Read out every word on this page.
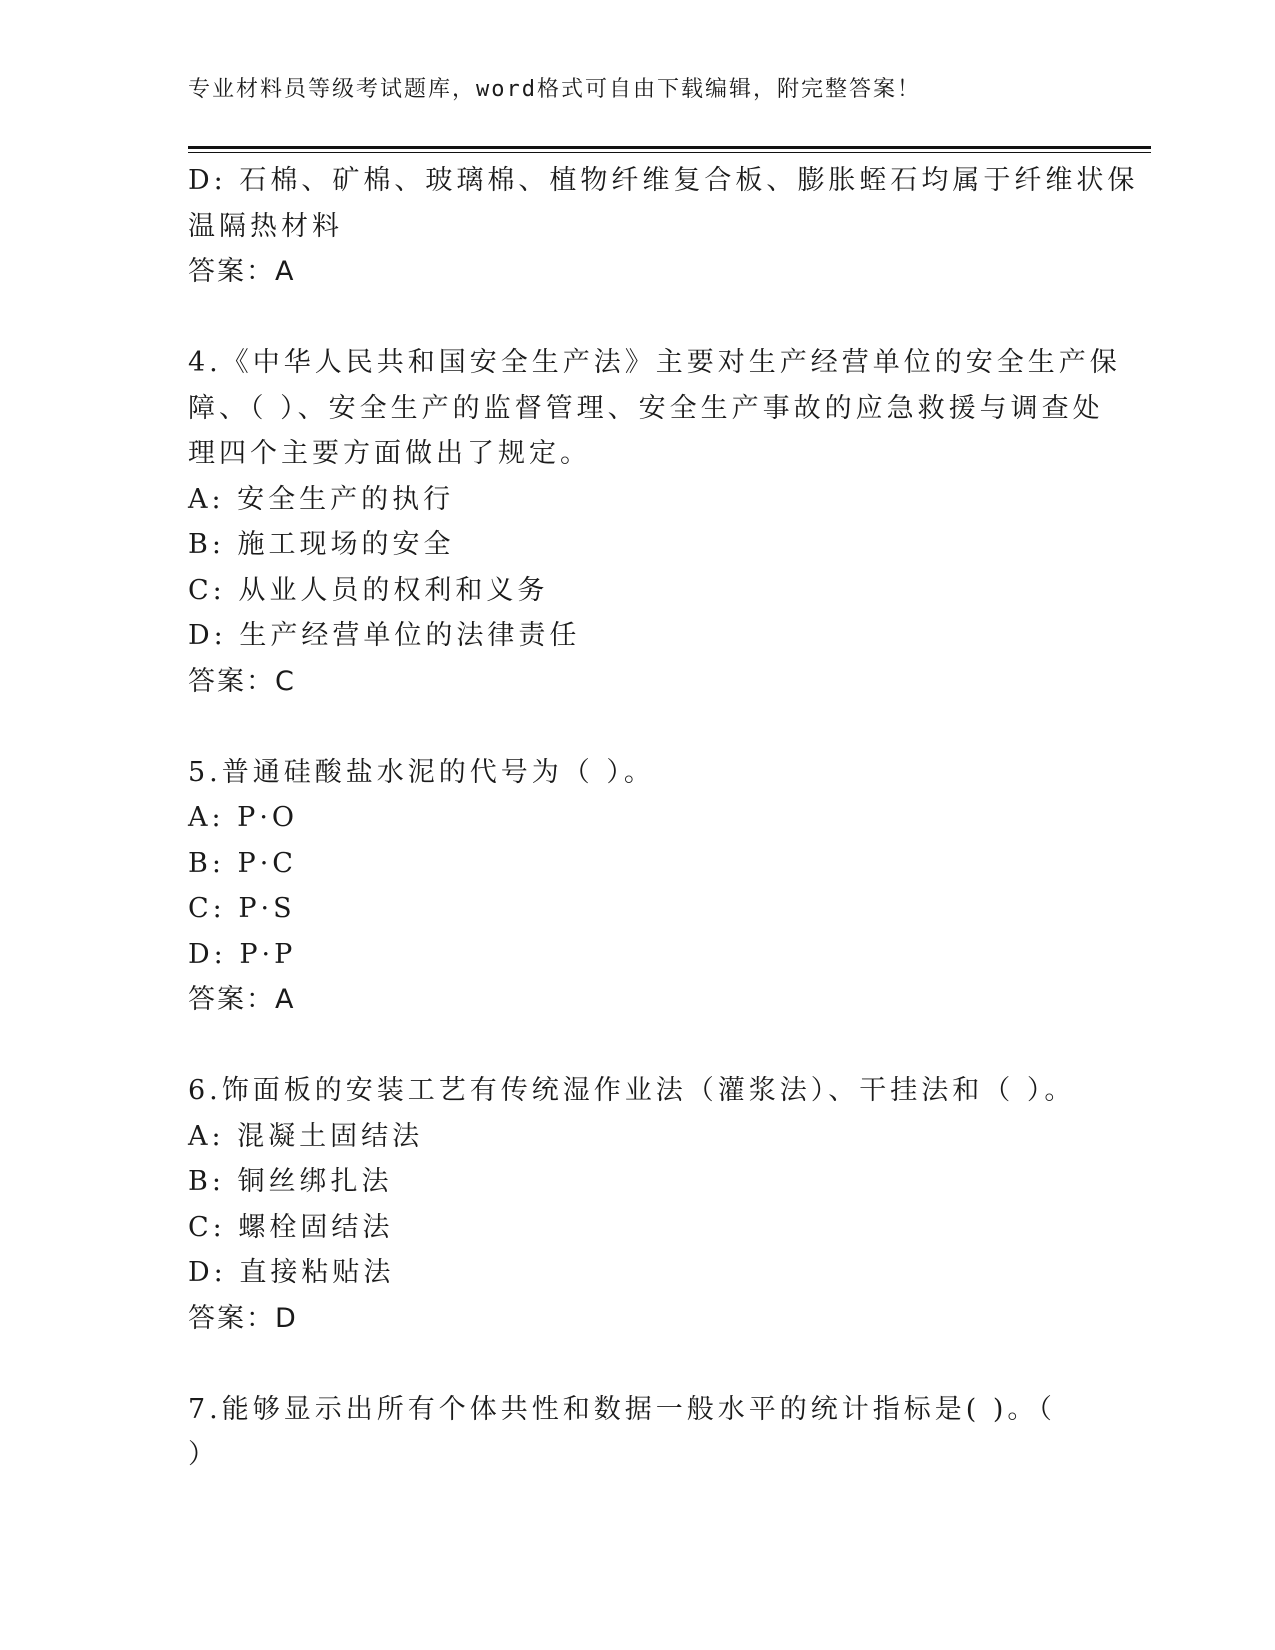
专业材料员等级考试题库，word格式可自由下载编辑，附完整答案！
D: 石棉、矿棉、玻璃棉、植物纤维复合板、膨胀蛭石均属于纤维状保
温隔热材料
答案：A
4.《中华人民共和国安全生产法》主要对生产经营单位的安全生产保
障、（ ）、安全生产的监督管理、安全生产事故的应急救援与调查处
理四个主要方面做出了规定。
A: 安全生产的执行
B: 施工现场的安全
C: 从业人员的权利和义务
D: 生产经营单位的法律责任
答案：C
5.普通硅酸盐水泥的代号为（ ）。
A: P·O
B: P·C
C: P·S
D: P·P
答案：A
6.饰面板的安装工艺有传统湿作业法（灌浆法）、干挂法和（ ）。
A: 混凝土固结法
B: 铜丝绑扎法
C: 螺栓固结法
D: 直接粘贴法
答案：D
7.能够显示出所有个体共性和数据一般水平的统计指标是( )。（
）
